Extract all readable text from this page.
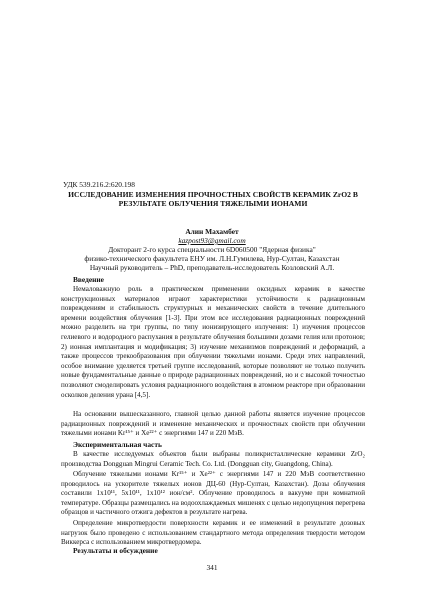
УДК 539.216.2:620.198
ИССЛЕДОВАНИЕ ИЗМЕНЕНИЯ ПРОЧНОСТНЫХ СВОЙСТВ КЕРАМИК ZrO2 В РЕЗУЛЬТАТЕ ОБЛУЧЕНИЯ ТЯЖЕЛЫМИ ИОНАМИ
Алин Махамбет
kazpost93@gmail.com
Докторант 2-го курса специальности 6D060500 "Ядерная физика"
физико-технического факультета ЕНУ им. Л.Н.Гумилева, Нур-Султан, Казахстан
Научный руководитель – PhD, преподаватель-исследователь Козловский А.Л.
Введение

Немаловажную роль в практическом применении оксидных керамик в качестве конструкционных материалов играют характеристики устойчивости к радиационным повреждениям и стабильность структурных и механических свойств в течение длительного времени воздействия облучения [1-3]. При этом все исследования радиационных повреждений можно разделить на три группы, по типу ионизирующего излучения: 1) изучения процессов гелиевого и водородного распухания в результате облучения большими дозами гелия или протонов; 2) ионная имплантация и модификация; 3) изучение механизмов повреждений и деформаций, а также процессов трекообразования при облучении тяжелыми ионами. Среди этих направлений, особое внимание уделяется третьей группе исследований, которые позволяют не только получить новые фундаментальные данные о природе радиационных повреждений, но и с высокой точностью позволяют смоделировать условия радиационного воздействия в атомном реакторе при образовании осколков деления урана [4,5].

На основании вышесказанного, главной целью данной работы является изучение процессов радиационных повреждений и изменение механических и прочностных свойств при облучении тяжелыми ионами Kr¹⁵⁺ и Xe²²⁺ с энергиями 147 и 220 МэВ.

Экспериментальная часть

В качестве исследуемых объектов были выбраны поликристаллические керамики ZrO₂ производства Dongguan Mingrui Ceramic Tech. Co. Ltd. (Dongguan city, Guangdong, China).

Облучение тяжелыми ионами Kr¹⁵⁺ и Xe²²⁺ с энергиями 147 и 220 МэВ соответственно проводилось на ускорителе тяжелых ионов ДЦ-60 (Нур-Султан, Казахстан). Дозы облучения составили 1x10¹¹, 5x10¹¹, 1x10¹² ион/см². Облучение проводилось в вакууме при комнатной температуре. Образцы размещались на водоохлаждаемых мишенях с целью недопущения перегрева образцов и частичного отжига дефектов в результате нагрева.

Определение микротвердости поверхности керамик и ее изменений в результате дозовых нагрузок было проведено с использованием стандартного метода определения твердости методом Виккерса с использованием микротвердомера.

Результаты и обсуждение
341
